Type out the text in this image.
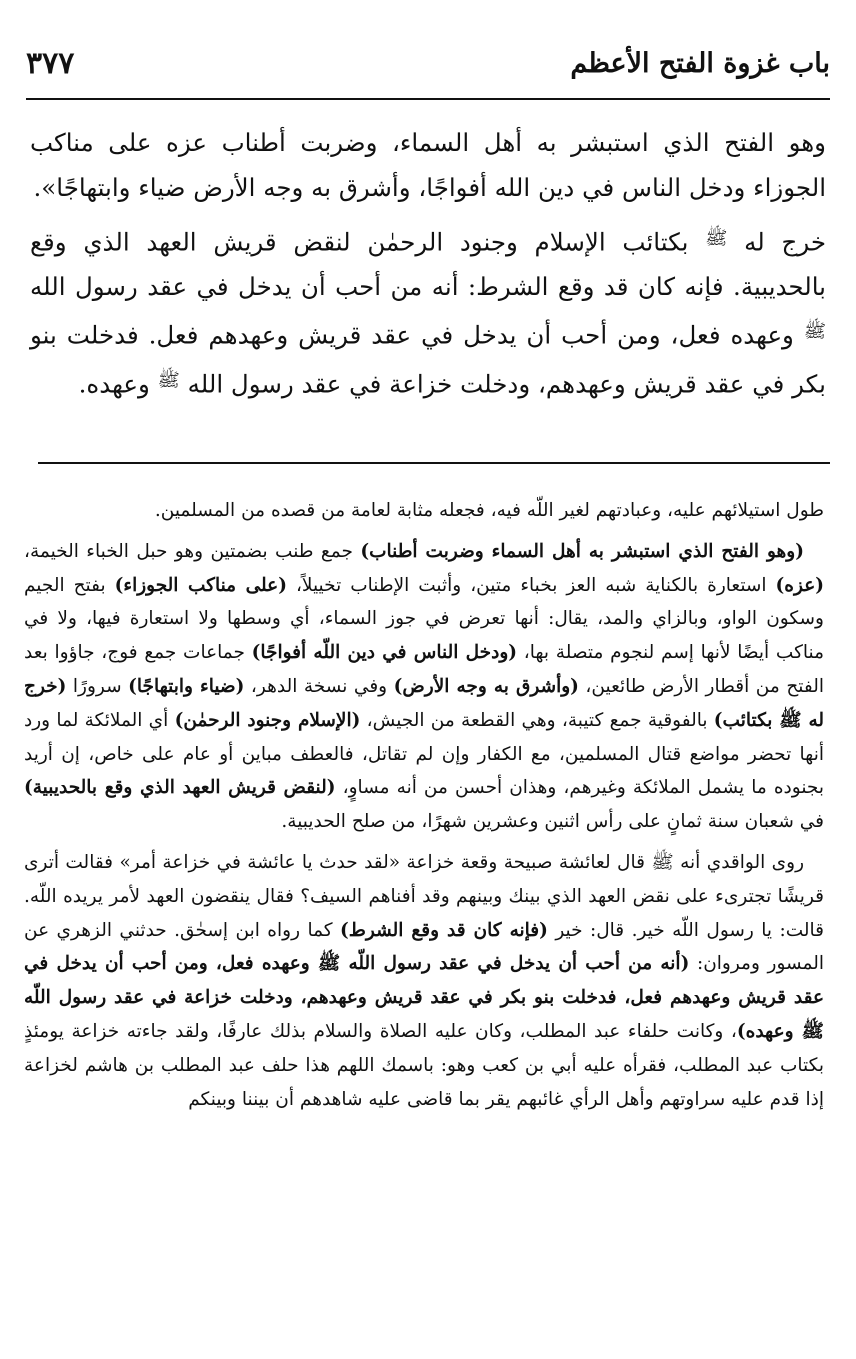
باب غزوة الفتح الأعظم
٣٧٧

وهو الفتح الذي استبشر به أهل السماء، وضربت أطناب عزه على مناكب الجوزاء ودخل الناس في دين الله أفواجًا، وأشرق به وجه الأرض ضياء وابتهاجًا».

خرج له ﷺ بكتائب الإسلام وجنود الرحمٰن لنقض قريش العهد الذي وقع بالحديبية. فإنه كان قد وقع الشرط: أنه من أحب أن يدخل في عقد رسول الله ﷺ وعهده فعل، ومن أحب أن يدخل في عقد قريش وعهدهم فعل. فدخلت بنو بكر في عقد قريش وعهدهم، ودخلت خزاعة في عقد رسول الله ﷺ وعهده.

طول استيلائهم عليه، وعبادتهم لغير اللّه فيه، فجعله مثابة لعامة من قصده من المسلمين.

(وهو الفتح الذي استبشر به أهل السماء وضربت أطناب) جمع طنب بضمتين وهو حبل الخباء الخيمة، (عزه) استعارة بالكناية شبه العز بخباء متين، وأثبت الإطناب تخييلاً، (على مناكب الجوزاء) بفتح الجيم وسكون الواو، وبالزاي والمد، يقال: أنها تعرض في جوز السماء، أي وسطها ولا استعارة فيها، ولا في مناكب أيضًا لأنها إسم لنجوم متصلة بها، (ودخل الناس في دين اللّه أفواجًا) جماعات جمع فوج، جاؤوا بعد الفتح من أقطار الأرض طائعين، (وأشرق به وجه الأرض) وفي نسخة الدهر، (ضياء وابتهاجًا) سرورًا (خرج له ﷺ بكتائب) بالفوقية جمع كتيبة، وهي القطعة من الجيش، (الإسلام وجنود الرحمٰن) أي الملائكة لما ورد أنها تحضر مواضع قتال المسلمين، مع الكفار وإن لم تقاتل، فالعطف مباين أو عام على خاص، إن أريد بجنوده ما يشمل الملائكة وغيرهم، وهذان أحسن من أنه مساوٍ، (لنقض قريش العهد الذي وقع بالحديبية) في شعبان سنة ثمانٍ على رأس اثنين وعشرين شهرًا، من صلح الحديبية.

روى الواقدي أنه ﷺ قال لعائشة صبيحة وقعة خزاعة «لقد حدث يا عائشة في خزاعة أمر» فقالت أترى قريشًا تجترىء على نقض العهد الذي بينك وبينهم وقد أفناهم السيف؟ فقال ينقضون العهد لأمر يريده اللّه. قالت: يا رسول اللّه خير. قال: خير (فإنه كان قد وقع الشرط) كما رواه ابن إسحٰق. حدثني الزهري عن المسور ومروان: (أنه من أحب أن يدخل في عقد رسول اللّه ﷺ وعهده فعل، ومن أحب أن يدخل في عقد قريش وعهدهم فعل، فدخلت بنو بكر في عقد قريش وعهدهم، ودخلت خزاعة في عقد رسول اللّه ﷺ وعهده)، وكانت حلفاء عبد المطلب، وكان عليه الصلاة والسلام بذلك عارفًا، ولقد جاءته خزاعة يومئذٍ بكتاب عبد المطلب، فقرأه عليه أبي بن كعب وهو: باسمك اللهم هذا حلف عبد المطلب بن هاشم لخزاعة إذا قدم عليه سراوتهم وأهل الرأي غائبهم يقر بما قاضى عليه شاهدهم أن بيننا وبينكم
